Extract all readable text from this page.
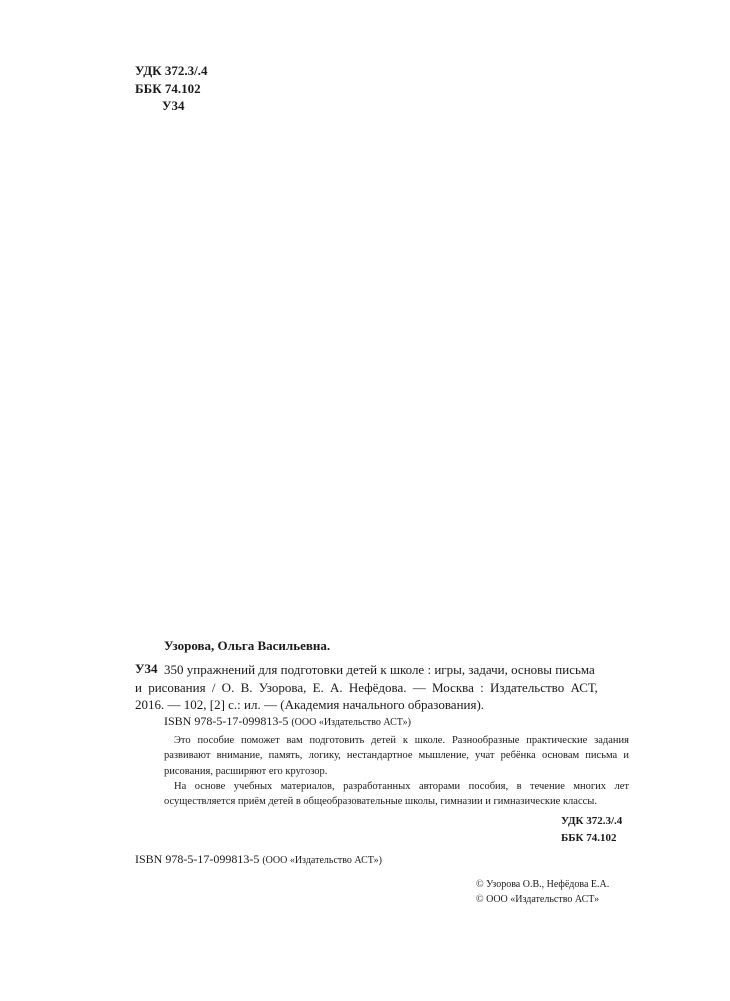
УДК 372.3/.4
ББК 74.102
У34
Узорова, Ольга Васильевна.
У34 350 упражнений для подготовки детей к школе : игры, задачи, основы письма
и рисования / О. В. Узорова, Е. А. Нефёдова. — Москва : Издательство АСТ,
2016. — 102, [2] с.: ил. — (Академия начального образования).
ISBN 978-5-17-099813-5 (ООО «Издательство АСТ»)

Это пособие поможет вам подготовить детей к школе. Разнообразные практические задания развивают внимание, память, логику, нестандартное мышление, учат ребёнка основам письма и рисования, расширяют его кругозор.

На основе учебных материалов, разработанных авторами пособия, в течение многих лет осуществляется приём детей в общеобразовательные школы, гимназии и гимназические классы.

УДК 372.3/.4
ББК 74.102
ISBN 978-5-17-099813-5 (ООО «Издательство АСТ»)
© Узорова О.В., Нефёдова Е.А.
© ООО «Издательство АСТ»
